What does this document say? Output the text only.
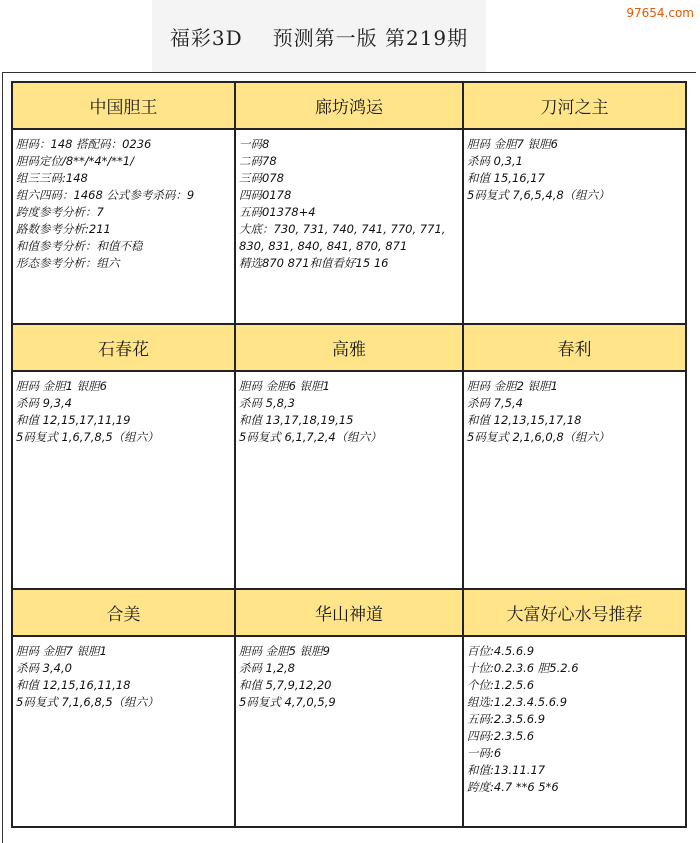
福彩3D 预测第一版 第219期
97654.com
中国胆王
胆码：148 搭配码：0236
胆码定位/8**/*4*/**1/
组三三码:148
组六四码：1468 公式参考杀码：9
跨度参考分析：7
路数参考分析:211
和值参考分析：和值不稳
形态参考分析：组六
廊坊鸿运
一码8
二码78
三码078
四码0178
五码01378+4
大底：730, 731, 740, 741, 770, 771,
830, 831, 840, 841, 870, 871
精选870 871和值看好15 16
刀河之主
胆码 金胆7 银胆6
杀码 0,3,1
和值 15,16,17
5码复式 7,6,5,4,8（组六）
石春花
胆码 金胆1 银胆6
杀码 9,3,4
和值 12,15,17,11,19
5码复式 1,6,7,8,5（组六）
高雅
胆码 金胆6 银胆1
杀码 5,8,3
和值 13,17,18,19,15
5码复式 6,1,7,2,4（组六）
春利
胆码 金胆2 银胆1
杀码 7,5,4
和值 12,13,15,17,18
5码复式 2,1,6,0,8（组六）
合美
胆码 金胆7 银胆1
杀码 3,4,0
和值 12,15,16,11,18
5码复式 7,1,6,8,5（组六）
华山神道
胆码 金胆5 银胆9
杀码 1,2,8
和值 5,7,9,12,20
5码复式 4,7,0,5,9
大富好心水号推荐
百位:4.5.6.9
十位:0.2.3.6 胆5.2.6
个位:1.2.5.6
组选:1.2.3.4.5.6.9
五码:2.3.5.6.9
四码:2.3.5.6
一码:6
和值:13.11.17
跨度:4.7 **6 5*6
